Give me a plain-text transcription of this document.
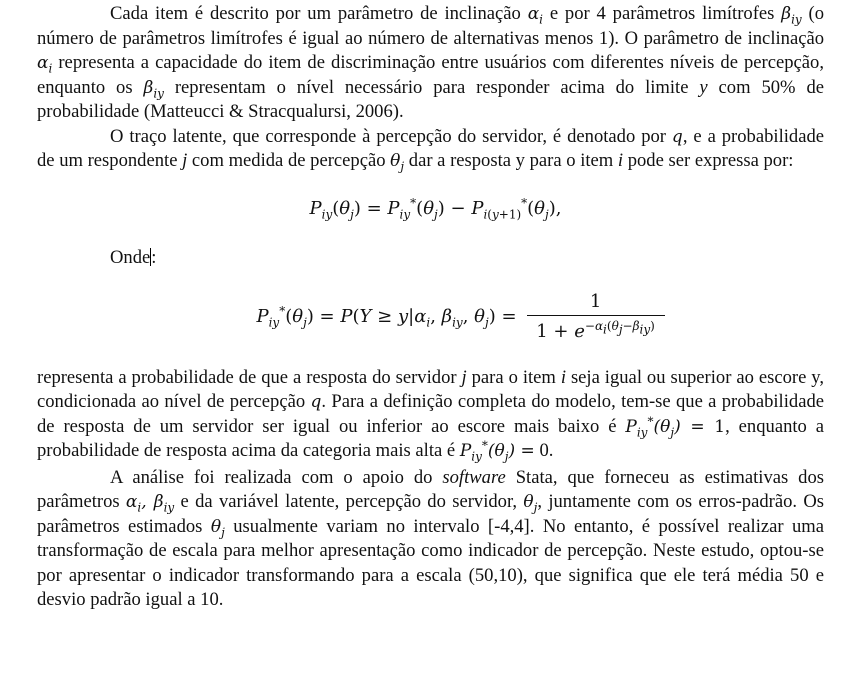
Cada item é descrito por um parâmetro de inclinação $\alpha_i$ e por 4 parâmetros limítrofes $\beta_{iy}$ (o número de parâmetros limítrofes é igual ao número de alternativas menos 1). O parâmetro de inclinação $\alpha_i$ representa a capacidade do item de discriminação entre usuários com diferentes níveis de percepção, enquanto os $\beta_{iy}$ representam o nível necessário para responder acima do limite y com 50% de probabilidade (Matteucci & Stracqualursi, 2006).

O traço latente, que corresponde à percepção do servidor, é denotado por q, e a probabilidade de um respondente j com medida de percepção $\theta_j$ dar a resposta y para o item i pode ser expressa por:

$P_{iy}(\theta_j) = P_{iy}^*(\theta_j) - P_{i(y+1)}^*(\theta_j)$,

Onde:

$P_{iy}^*(\theta_j) = P(Y \ge y|\alpha_i$, $\beta_{iy}$, $\theta_j) = \frac{1}{1 + e^{-\alpha_i(\theta_j-\beta_{iy})}}$

representa a probabilidade de que a resposta do servidor j para o item i seja igual ou superior ao escore y, condicionada ao nível de percepção q. Para a definição completa do modelo, tem-se que a probabilidade de resposta de um servidor ser igual ou inferior ao escore mais baixo é $P_{iy}^*(\theta_j) = 1$, enquanto a probabilidade de resposta acima da categoria mais alta é $P_{iy}^*(\theta_j) = 0$.

A análise foi realizada com o apoio do software Stata, que forneceu as estimativas dos parâmetros $\alpha_i$, $\beta_{iy}$ e da variável latente, percepção do servidor, $\theta_j$, juntamente com os erros-padrão. Os parâmetros estimados $\theta_j$ usualmente variam no intervalo [-4,4]. No entanto, é possível realizar uma transformação de escala para melhor apresentação como indicador de percepção. Neste estudo, optou-se por apresentar o indicador transformando para a escala (50,10), que significa que ele terá média 50 e desvio padrão igual a 10.
